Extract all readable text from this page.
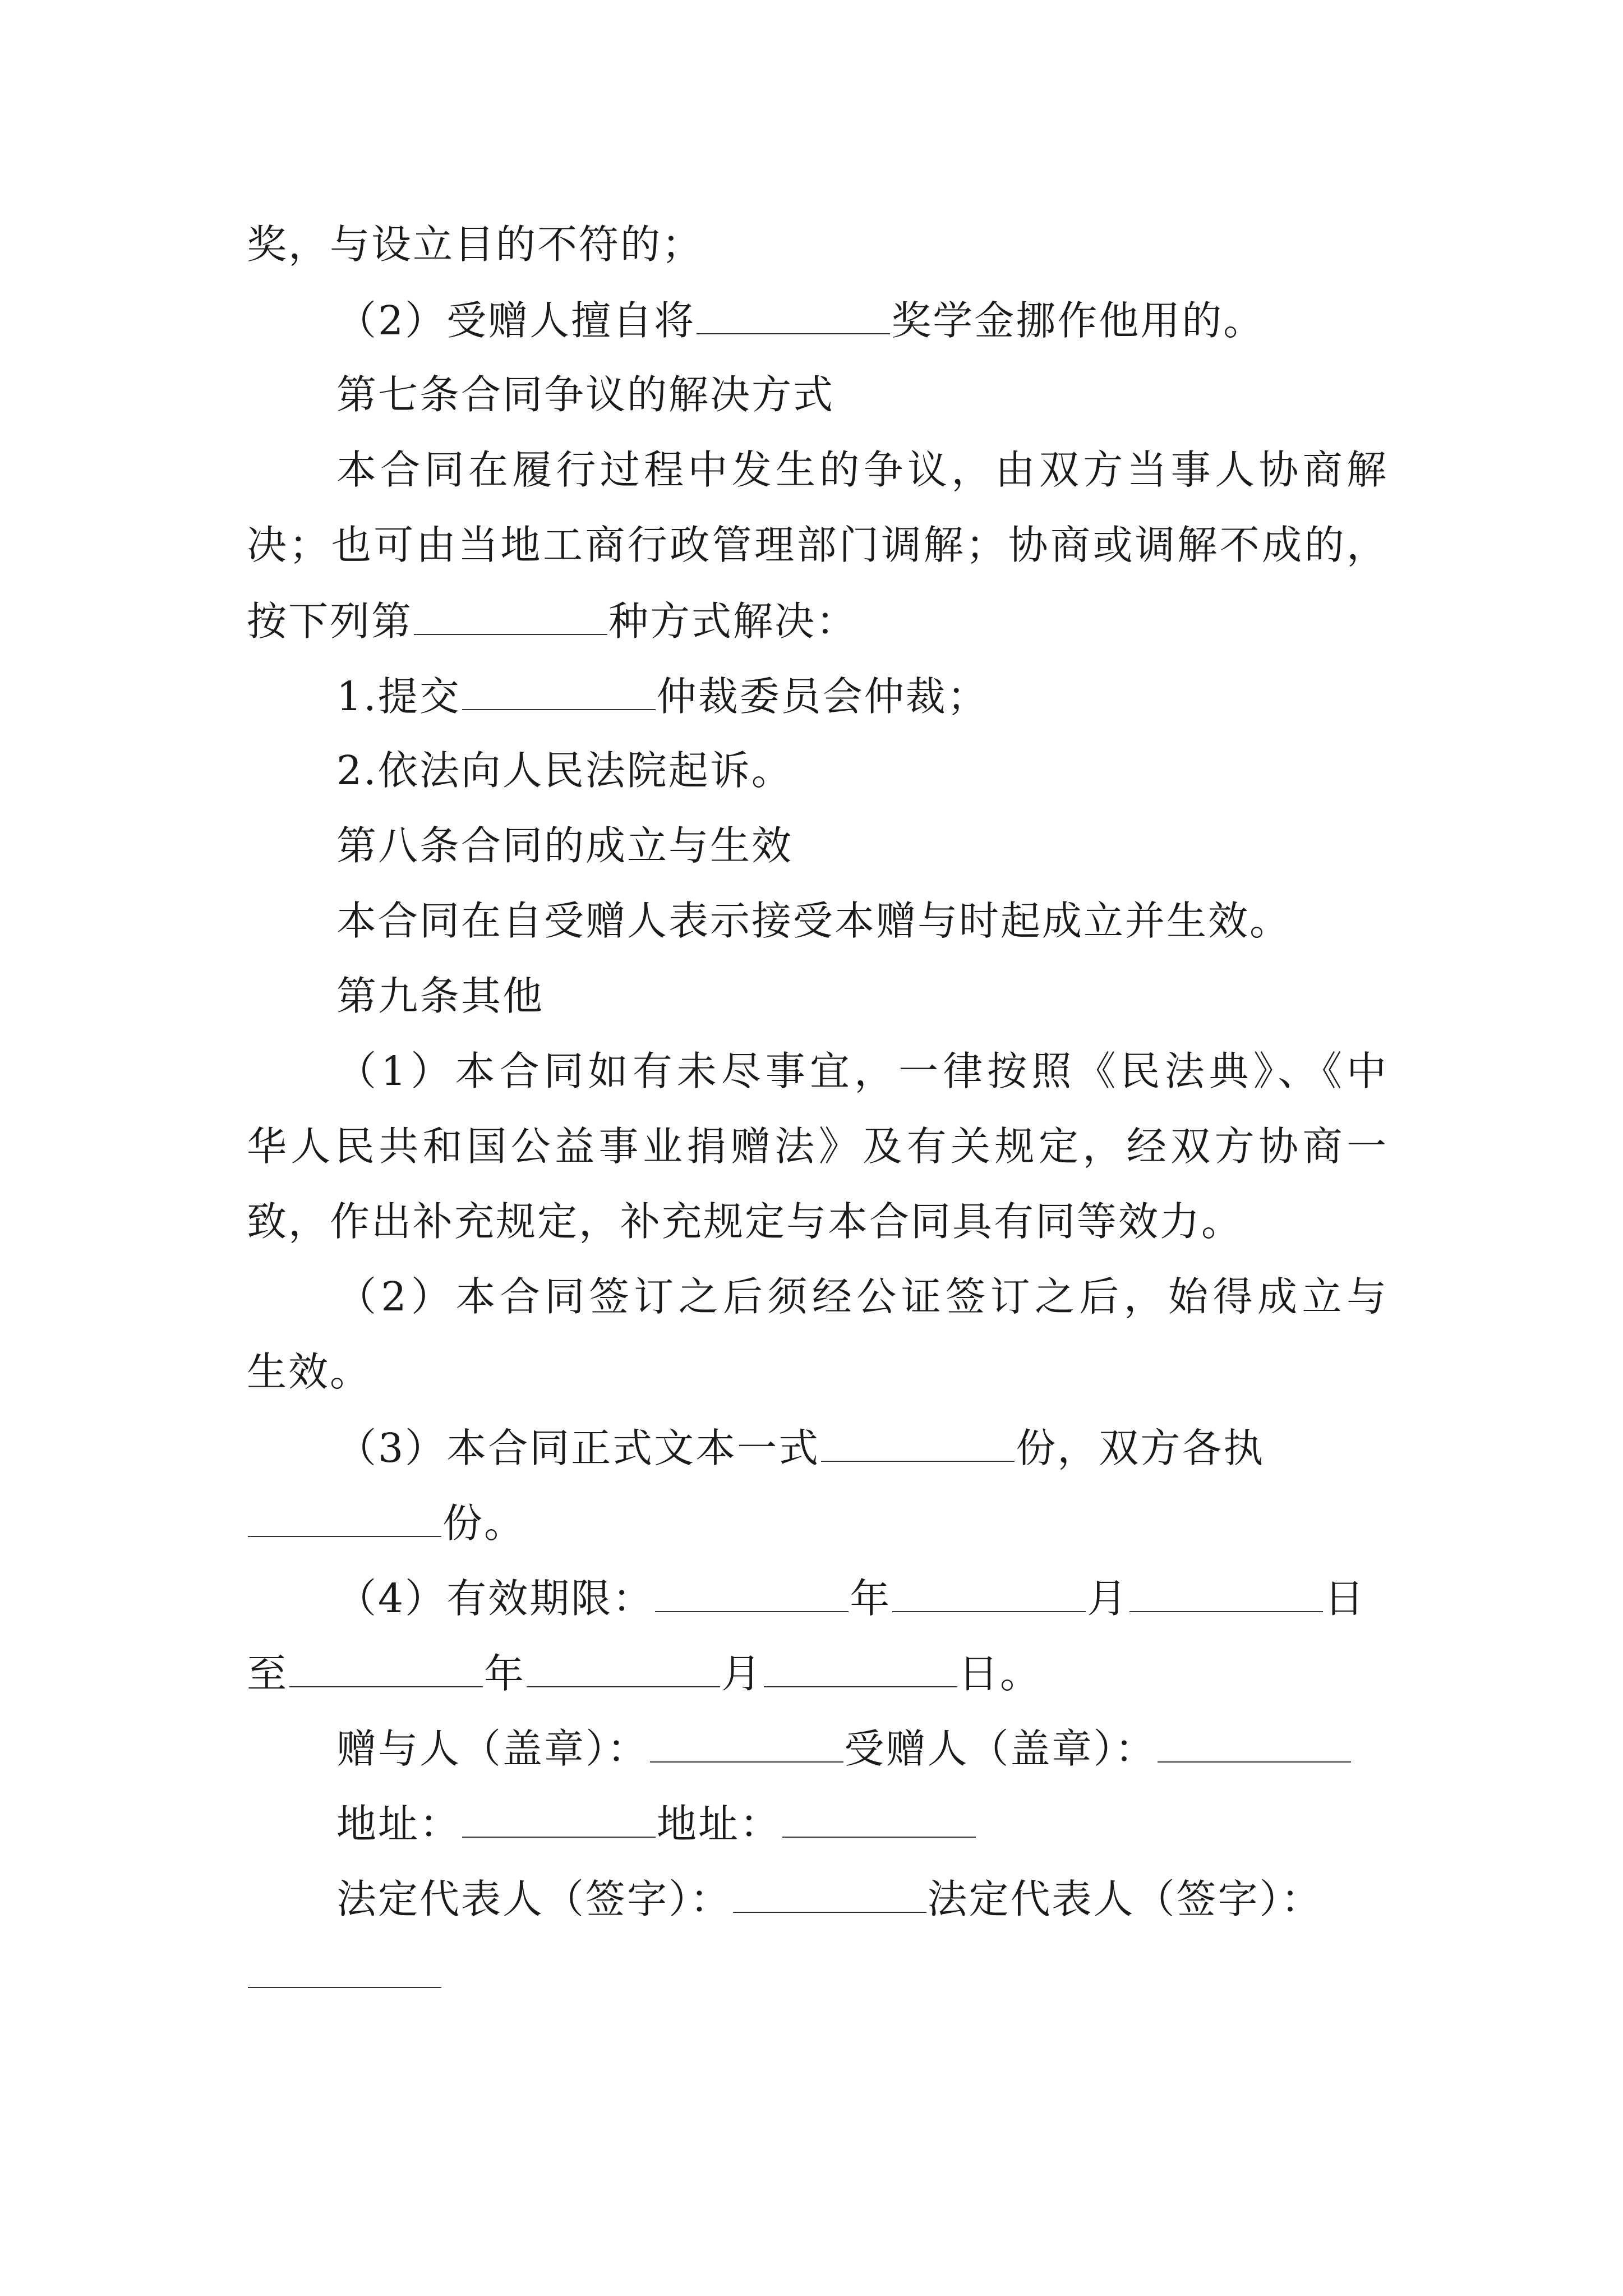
奖，与设立目的不符的；
（2）受赠人擅自将	奖学金挪作他用的。
第七条合同争议的解决方式
本合同在履行过程中发生的争议，由双方当事人协商解
决；也可由当地工商行政管理部门调解；协商或调解不成的，
按下列第	种方式解决：
1.提交	仲裁委员会仲裁；
2.依法向人民法院起诉。
第八条合同的成立与生效
本合同在自受赠人表示接受本赠与时起成立并生效。
第九条其他
（1）本合同如有未尽事宜，一律按照《民法典》、《中
华人民共和国公益事业捐赠法》及有关规定，经双方协商一
致，作出补充规定，补充规定与本合同具有同等效力。
（2）本合同签订之后须经公证签订之后，始得成立与
生效。
（3）本合同正式文本一式	份，双方各执
份。
（4）有效期限：	年	月	日
至	年	月	日。
赠与人（盖章）：	受赠人（盖章）：
地址：	地址：
法定代表人（签字）：	法定代表人（签字）：
